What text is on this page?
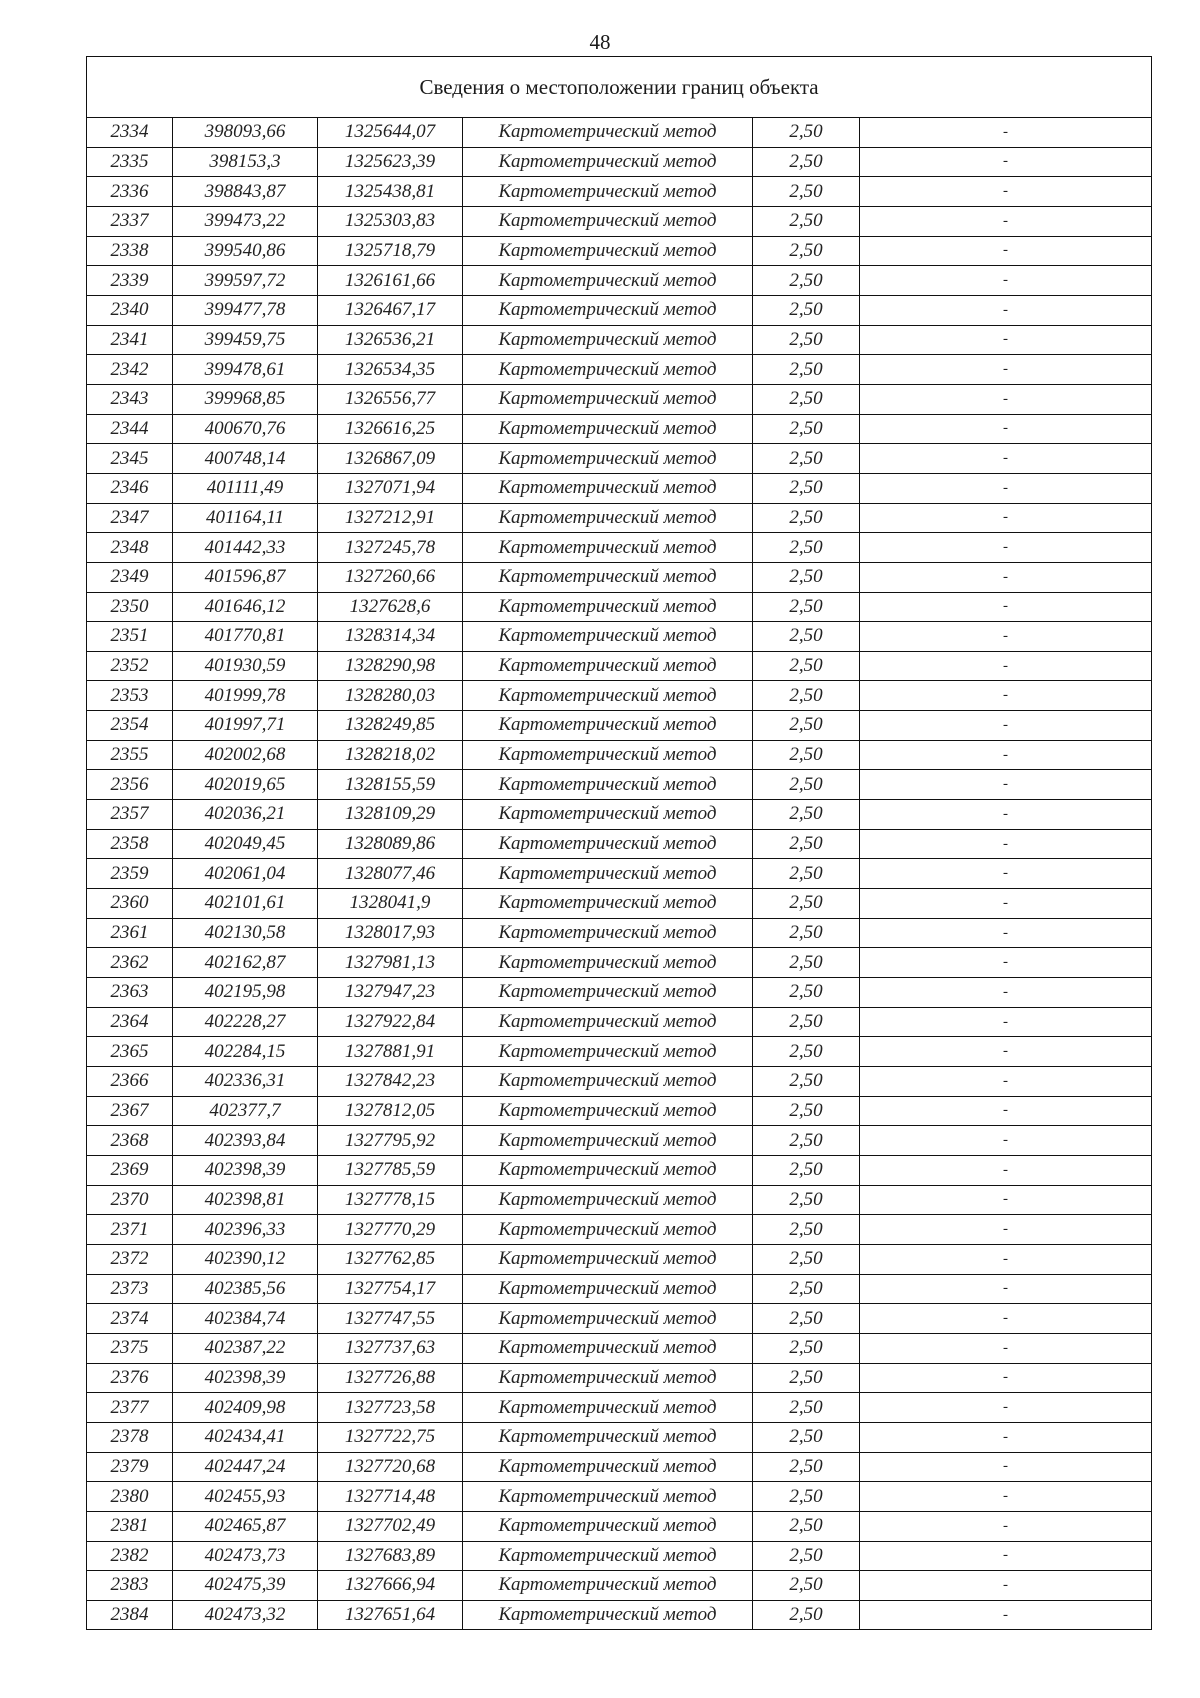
48
Сведения о местоположении границ объекта					
2334	398093,66	1325644,07	Картометрический метод	2,50	-
2335	398153,3	1325623,39	Картометрический метод	2,50	-
2336	398843,87	1325438,81	Картометрический метод	2,50	-
2337	399473,22	1325303,83	Картометрический метод	2,50	-
2338	399540,86	1325718,79	Картометрический метод	2,50	-
2339	399597,72	1326161,66	Картометрический метод	2,50	-
2340	399477,78	1326467,17	Картометрический метод	2,50	-
2341	399459,75	1326536,21	Картометрический метод	2,50	-
2342	399478,61	1326534,35	Картометрический метод	2,50	-
2343	399968,85	1326556,77	Картометрический метод	2,50	-
2344	400670,76	1326616,25	Картометрический метод	2,50	-
2345	400748,14	1326867,09	Картометрический метод	2,50	-
2346	401111,49	1327071,94	Картометрический метод	2,50	-
2347	401164,11	1327212,91	Картометрический метод	2,50	-
2348	401442,33	1327245,78	Картометрический метод	2,50	-
2349	401596,87	1327260,66	Картометрический метод	2,50	-
2350	401646,12	1327628,6	Картометрический метод	2,50	-
2351	401770,81	1328314,34	Картометрический метод	2,50	-
2352	401930,59	1328290,98	Картометрический метод	2,50	-
2353	401999,78	1328280,03	Картометрический метод	2,50	-
2354	401997,71	1328249,85	Картометрический метод	2,50	-
2355	402002,68	1328218,02	Картометрический метод	2,50	-
2356	402019,65	1328155,59	Картометрический метод	2,50	-
2357	402036,21	1328109,29	Картометрический метод	2,50	-
2358	402049,45	1328089,86	Картометрический метод	2,50	-
2359	402061,04	1328077,46	Картометрический метод	2,50	-
2360	402101,61	1328041,9	Картометрический метод	2,50	-
2361	402130,58	1328017,93	Картометрический метод	2,50	-
2362	402162,87	1327981,13	Картометрический метод	2,50	-
2363	402195,98	1327947,23	Картометрический метод	2,50	-
2364	402228,27	1327922,84	Картометрический метод	2,50	-
2365	402284,15	1327881,91	Картометрический метод	2,50	-
2366	402336,31	1327842,23	Картометрический метод	2,50	-
2367	402377,7	1327812,05	Картометрический метод	2,50	-
2368	402393,84	1327795,92	Картометрический метод	2,50	-
2369	402398,39	1327785,59	Картометрический метод	2,50	-
2370	402398,81	1327778,15	Картометрический метод	2,50	-
2371	402396,33	1327770,29	Картометрический метод	2,50	-
2372	402390,12	1327762,85	Картометрический метод	2,50	-
2373	402385,56	1327754,17	Картометрический метод	2,50	-
2374	402384,74	1327747,55	Картометрический метод	2,50	-
2375	402387,22	1327737,63	Картометрический метод	2,50	-
2376	402398,39	1327726,88	Картометрический метод	2,50	-
2377	402409,98	1327723,58	Картометрический метод	2,50	-
2378	402434,41	1327722,75	Картометрический метод	2,50	-
2379	402447,24	1327720,68	Картометрический метод	2,50	-
2380	402455,93	1327714,48	Картометрический метод	2,50	-
2381	402465,87	1327702,49	Картометрический метод	2,50	-
2382	402473,73	1327683,89	Картометрический метод	2,50	-
2383	402475,39	1327666,94	Картометрический метод	2,50	-
2384	402473,32	1327651,64	Картометрический метод	2,50	-
